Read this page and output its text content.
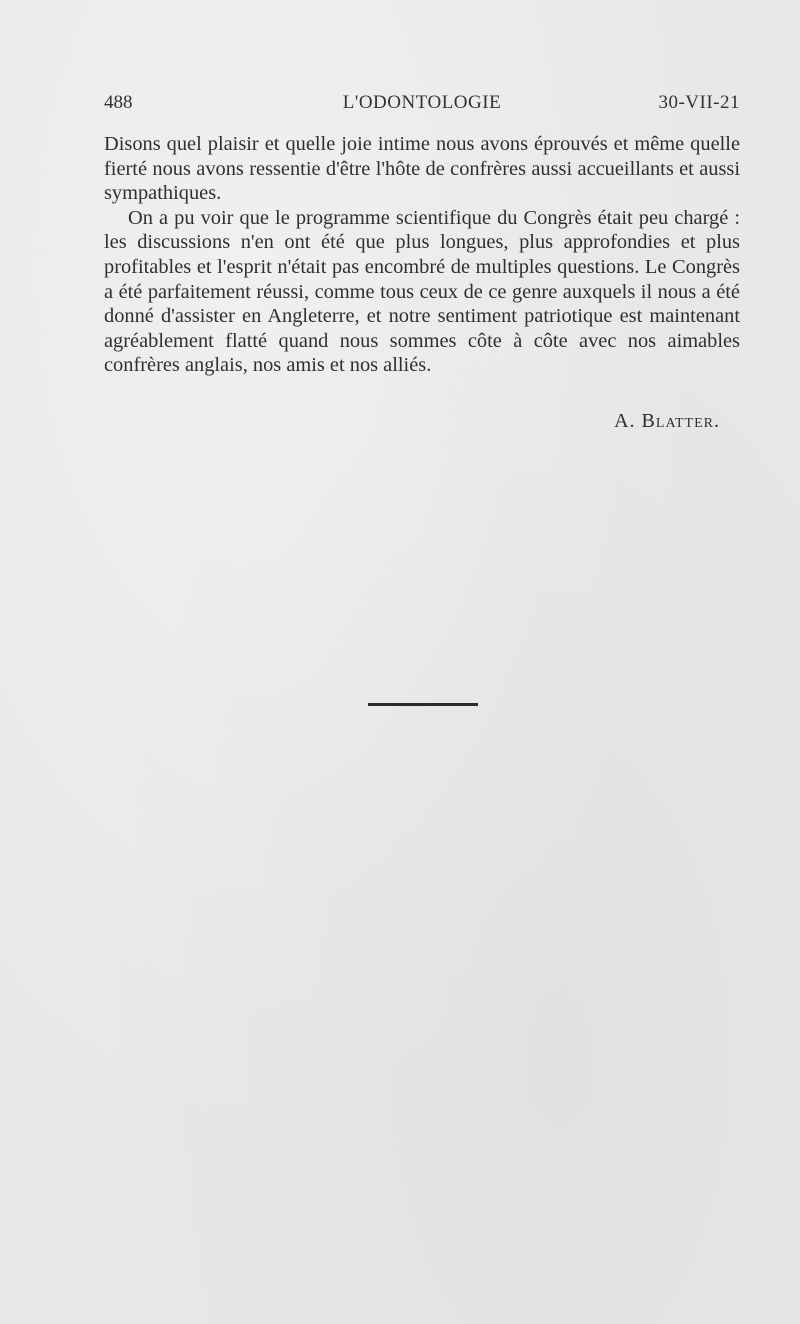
488	L'ODONTOLOGIE	30-VII-21

Disons quel plaisir et quelle joie intime nous avons éprouvés et même quelle fierté nous avons ressentie d'être l'hôte de confrères aussi accueillants et aussi sympathiques.

On a pu voir que le programme scientifique du Congrès était peu chargé : les discussions n'en ont été que plus longues, plus approfondies et plus profitables et l'esprit n'était pas encombré de multiples questions. Le Congrès a été parfaitement réussi, comme tous ceux de ce genre auxquels il nous a été donné d'assister en Angleterre, et notre sentiment patriotique est maintenant agréablement flatté quand nous sommes côte à côte avec nos aimables confrères anglais, nos amis et nos alliés.

A. Blatter.
